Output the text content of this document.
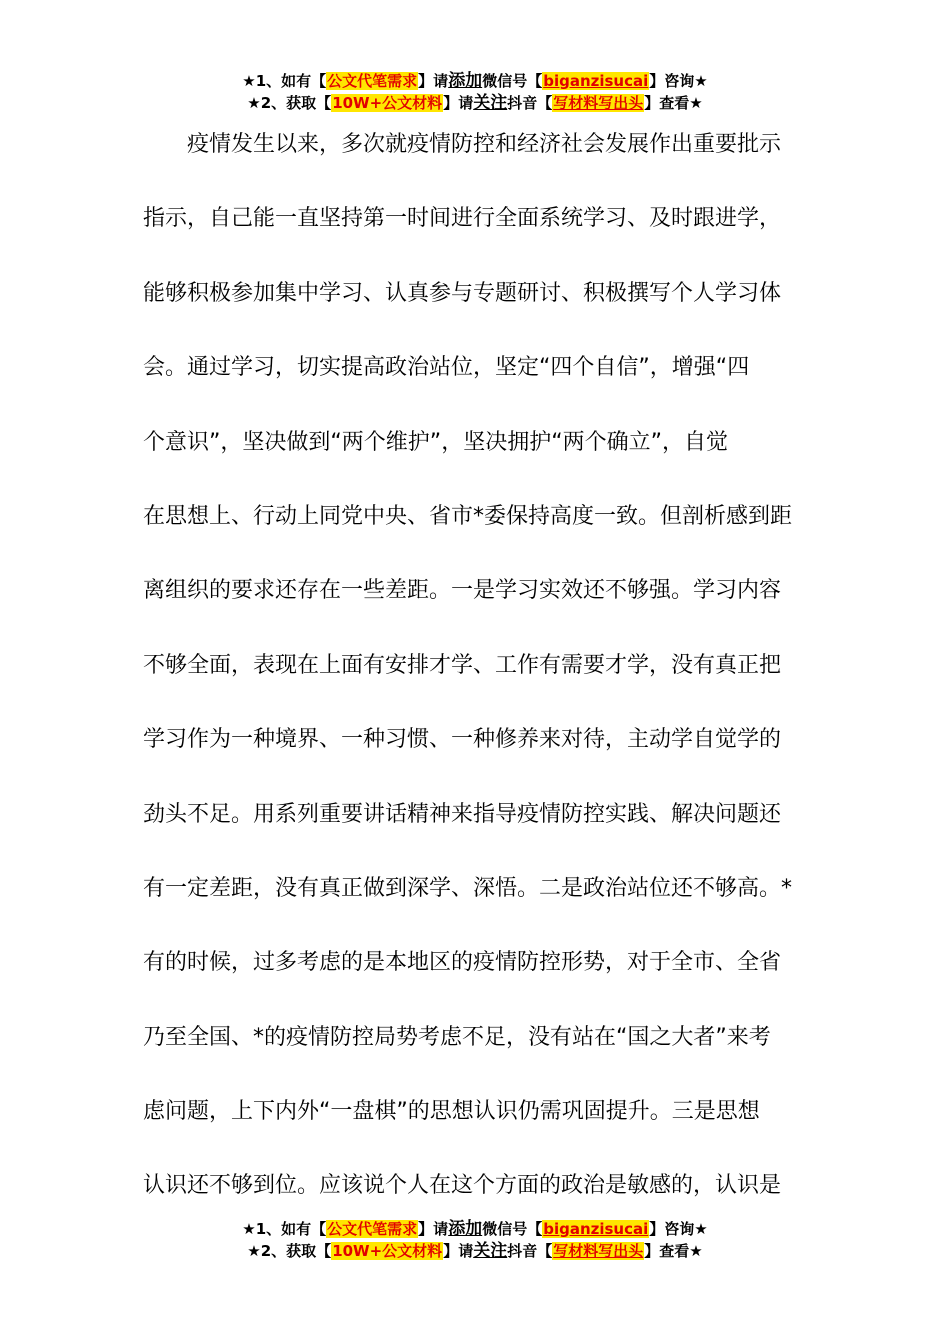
★1、如有【公文代笔需求】请添加微信号【biganzisucai】咨询★
★2、获取【10W+公文材料】请关注抖音【写材料写出头】查看★
疫情发生以来，多次就疫情防控和经济社会发展作出重要批示
指示，自己能一直坚持第一时间进行全面系统学习、及时跟进学，
能够积极参加集中学习、认真参与专题研讨、积极撰写个人学习体
会。通过学习，切实提高政治站位，坚定“四个自信”，增强“四
个意识”，坚决做到“两个维护”，坚决拥护“两个确立”，自觉
在思想上、行动上同党中央、省市*委保持高度一致。但剖析感到距
离组织的要求还存在一些差距。一是学习实效还不够强。学习内容
不够全面，表现在上面有安排才学、工作有需要才学，没有真正把
学习作为一种境界、一种习惯、一种修养来对待，主动学自觉学的
劲头不足。用系列重要讲话精神来指导疫情防控实践、解决问题还
有一定差距，没有真正做到深学、深悟。二是政治站位还不够高。*
有的时候，过多考虑的是本地区的疫情防控形势，对于全市、全省
乃至全国、*的疫情防控局势考虑不足，没有站在“国之大者”来考
虑问题，上下内外“一盘棋”的思想认识仍需巩固提升。三是思想
认识还不够到位。应该说个人在这个方面的政治是敏感的，认识是
★1、如有【公文代笔需求】请添加微信号【biganzisucai】咨询★
★2、获取【10W+公文材料】请关注抖音【写材料写出头】查看★
